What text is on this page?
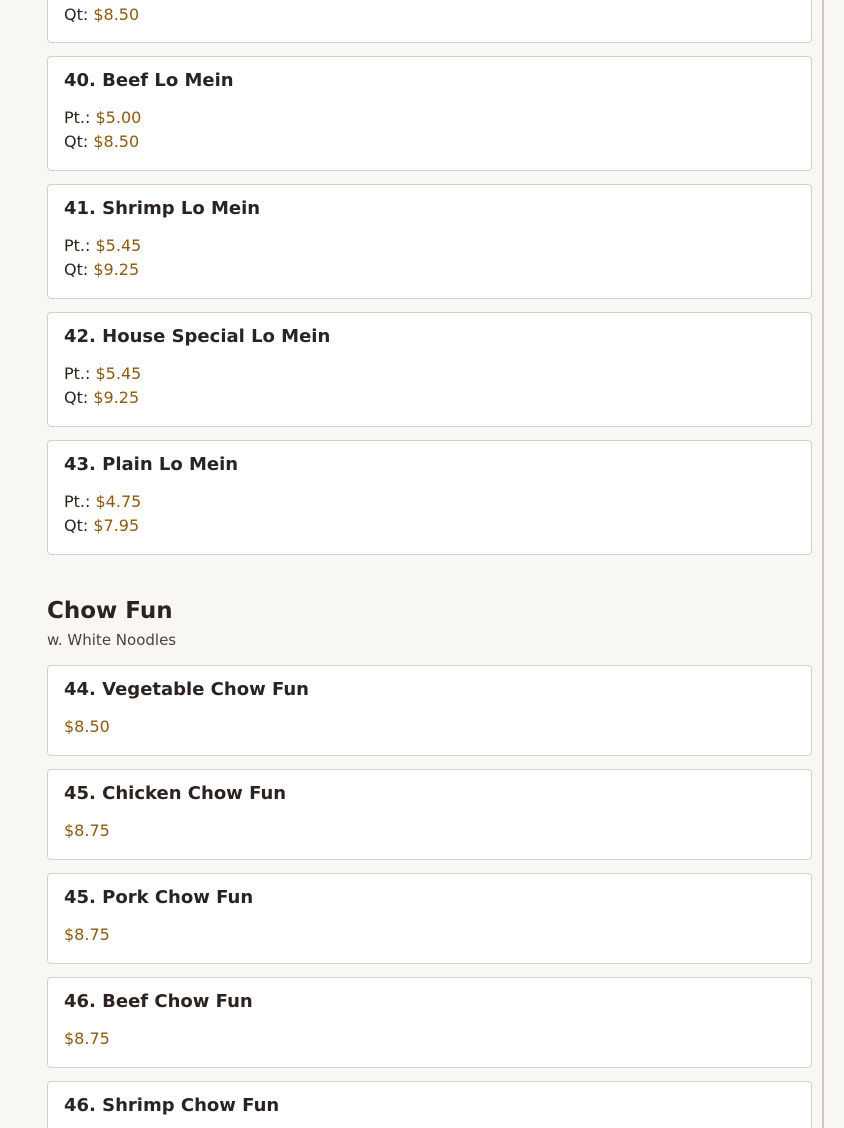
Qt: $8.50
40. Beef Lo Mein
Pt.: $5.00
Qt: $8.50
41. Shrimp Lo Mein
Pt.: $5.45
Qt: $9.25
42. House Special Lo Mein
Pt.: $5.45
Qt: $9.25
43. Plain Lo Mein
Pt.: $4.75
Qt: $7.95
Chow Fun
w. White Noodles
44. Vegetable Chow Fun
$8.50
45. Chicken Chow Fun
$8.75
45. Pork Chow Fun
$8.75
46. Beef Chow Fun
$8.75
46. Shrimp Chow Fun
